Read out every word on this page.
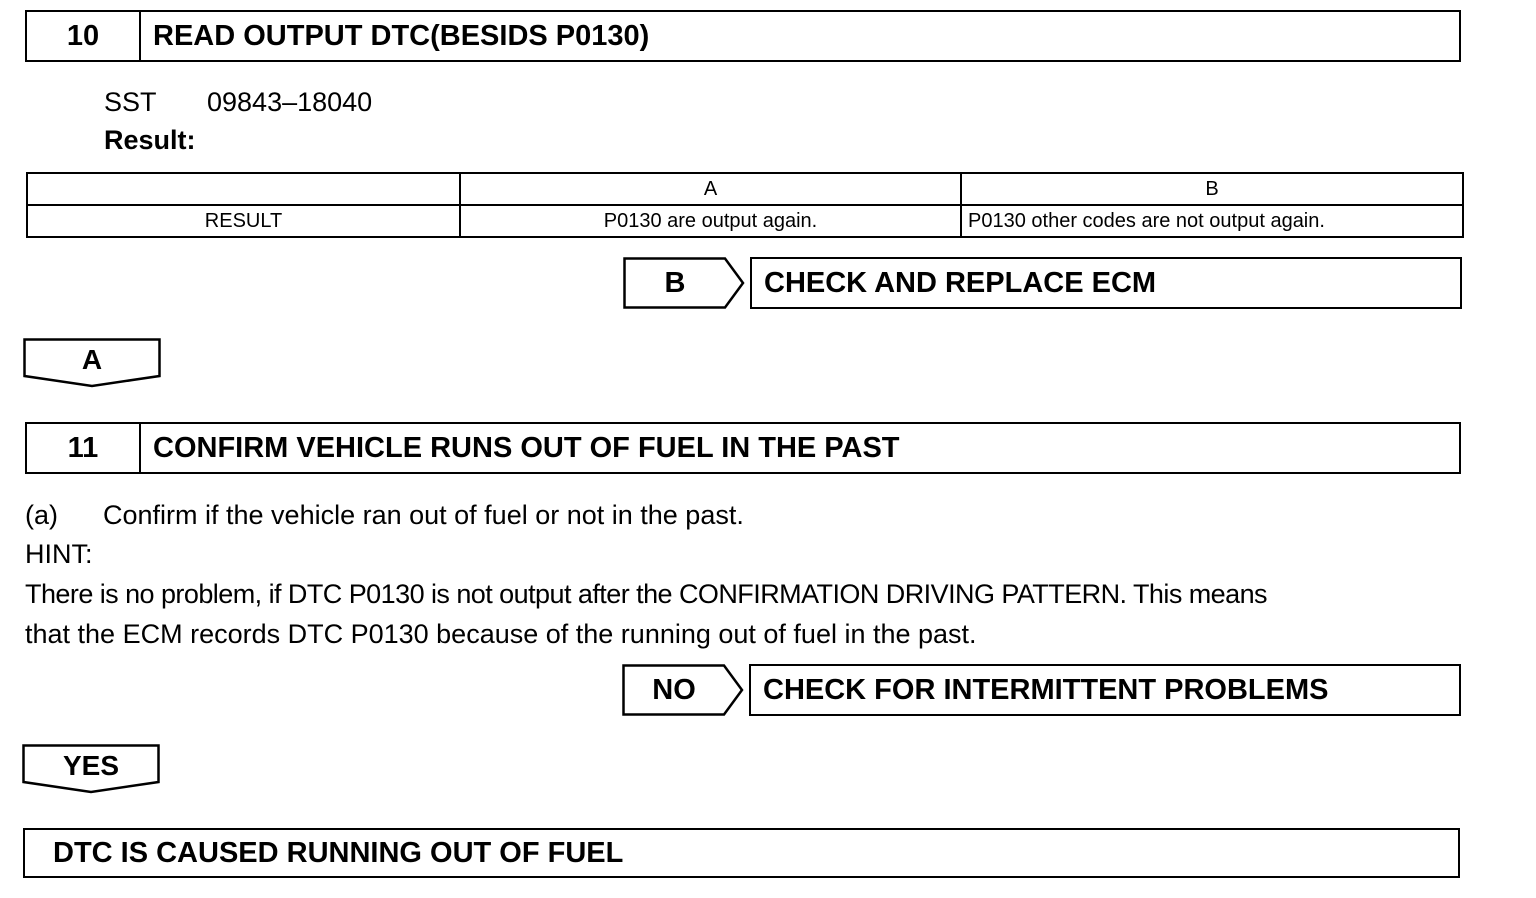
10	READ OUTPUT DTC(BESIDS P0130)
SST 09843–18040
Result:
	A	B
RESULT	P0130 are output again.	P0130 other codes are not output again.
B	CHECK AND REPLACE ECM
A
11	CONFIRM VEHICLE RUNS OUT OF FUEL IN THE PAST
(a) Confirm if the vehicle ran out of fuel or not in the past.
HINT:
There is no problem, if DTC P0130 is not output after the CONFIRMATION DRIVING PATTERN. This means
that the ECM records DTC P0130 because of the running out of fuel in the past.
NO	CHECK FOR INTERMITTENT PROBLEMS
YES
DTC IS CAUSED RUNNING OUT OF FUEL
